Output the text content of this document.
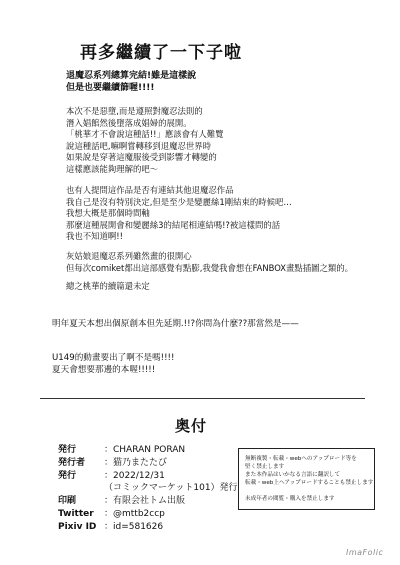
再多繼續了一下子啦
退魔忍系列總算完結!雖是這樣說
但是也要繼續篩喔!!!!
本次不是惡墮,而是遵照對魔忍法則的
潛入娼館然後墮落成娼婦的展開。
「桃華才不會說這種話!!」應該會有人難覽
說這種話吧,嘛啊嘗轉移到退魔忍世界時
如果說是穿著這魔服後受到影響才轉變的
這樣應該能夠理解的吧〜
也有人提問這作品是否有連結其他退魔忍作品
我自己是沒有特別決定,但是至少是變麗絲1剛結束的時候吧…
我想大概是那個時間軸
那麼這種展開會和變麗絲3的結尾相連結嗎!?被這樣問的話
我也不知道啊!!
灰姑娘退魔忍系列雖然畫的很開心
但每次comiket都出這部感覺有點膨,我覺我會想在FANBOX畫點插圖之類的。
總之桃華的續篇還未定
明年夏天本想出個原創本但先延期.!!?你問為什麼??那當然是——
U149的動畫要出了啊不是嗎!!!!
夏天會想要那邊的本喔!!!!!
奥付
発行	：CHARAN PORAN
発行者	：猫乃またたび
発行	：2022/12/31
（コミックマーケット101）発行
印刷	：有限会社トム出版
Twitter	：@mttb2ccp
Pixiv ID ：id=581626
無断複製・転載・webへのアップロード等を
堅く禁止します
また本作品はいかなる言語に翻訳して
転載・web上へアップロードすることも禁止します
未成年者の閲覧・購入を禁止します
ImaFolic
